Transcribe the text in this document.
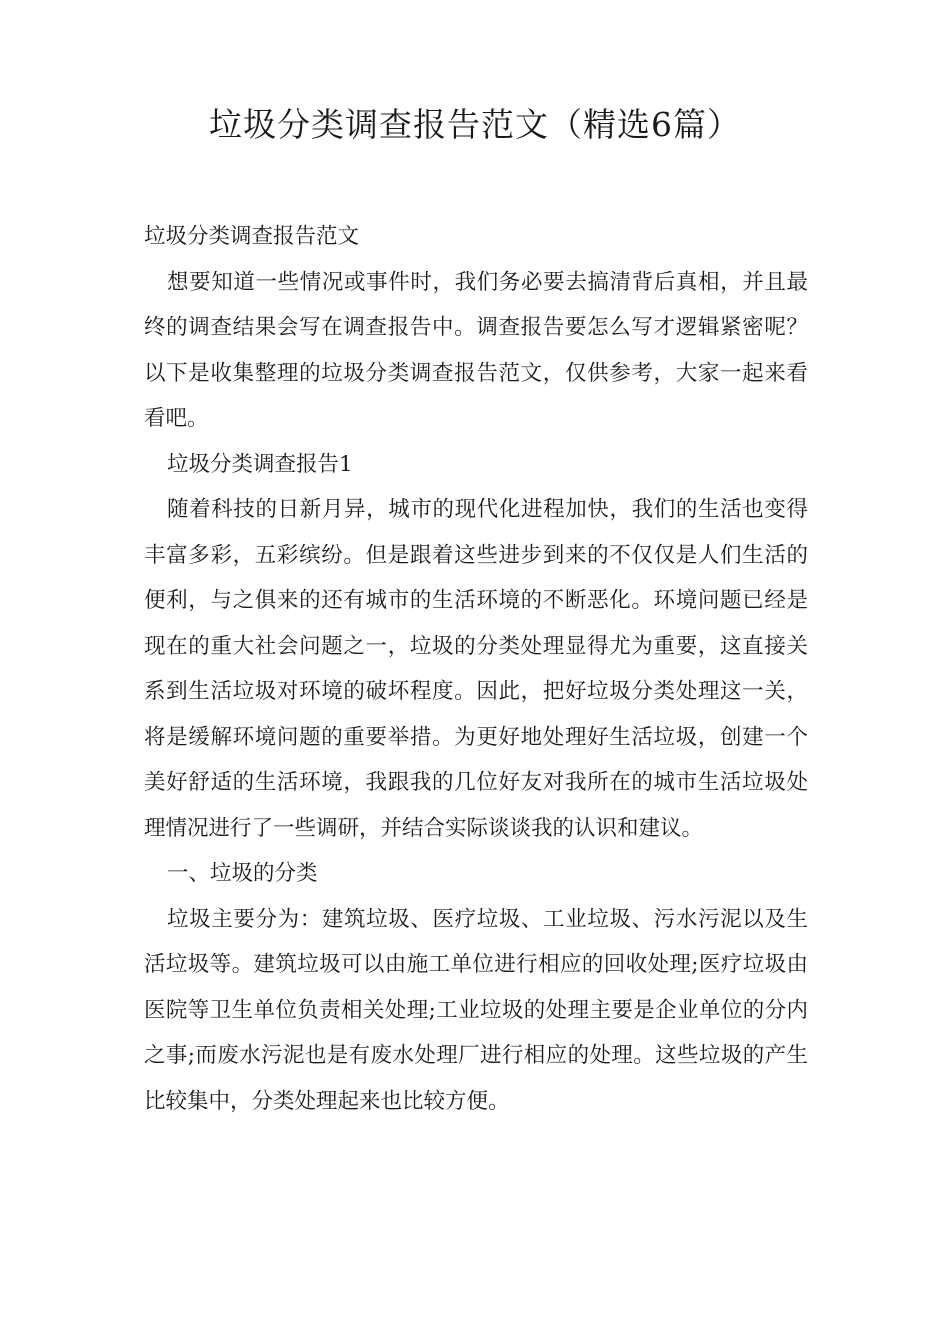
垃圾分类调查报告范文（精选6篇）

垃圾分类调查报告范文

想要知道一些情况或事件时，我们务必要去搞清背后真相，并且最终的调查结果会写在调查报告中。调查报告要怎么写才逻辑紧密呢？以下是收集整理的垃圾分类调查报告范文，仅供参考，大家一起来看看吧。

垃圾分类调查报告1

随着科技的日新月异，城市的现代化进程加快，我们的生活也变得丰富多彩，五彩缤纷。但是跟着这些进步到来的不仅仅是人们生活的便利，与之俱来的还有城市的生活环境的不断恶化。环境问题已经是现在的重大社会问题之一，垃圾的分类处理显得尤为重要，这直接关系到生活垃圾对环境的破坏程度。因此，把好垃圾分类处理这一关，将是缓解环境问题的重要举措。为更好地处理好生活垃圾，创建一个美好舒适的生活环境，我跟我的几位好友对我所在的城市生活垃圾处理情况进行了一些调研，并结合实际谈谈我的认识和建议。

一、垃圾的分类

垃圾主要分为：建筑垃圾、医疗垃圾、工业垃圾、污水污泥以及生活垃圾等。建筑垃圾可以由施工单位进行相应的回收处理;医疗垃圾由医院等卫生单位负责相关处理;工业垃圾的处理主要是企业单位的分内之事;而废水污泥也是有废水处理厂进行相应的处理。这些垃圾的产生比较集中，分类处理起来也比较方便。
